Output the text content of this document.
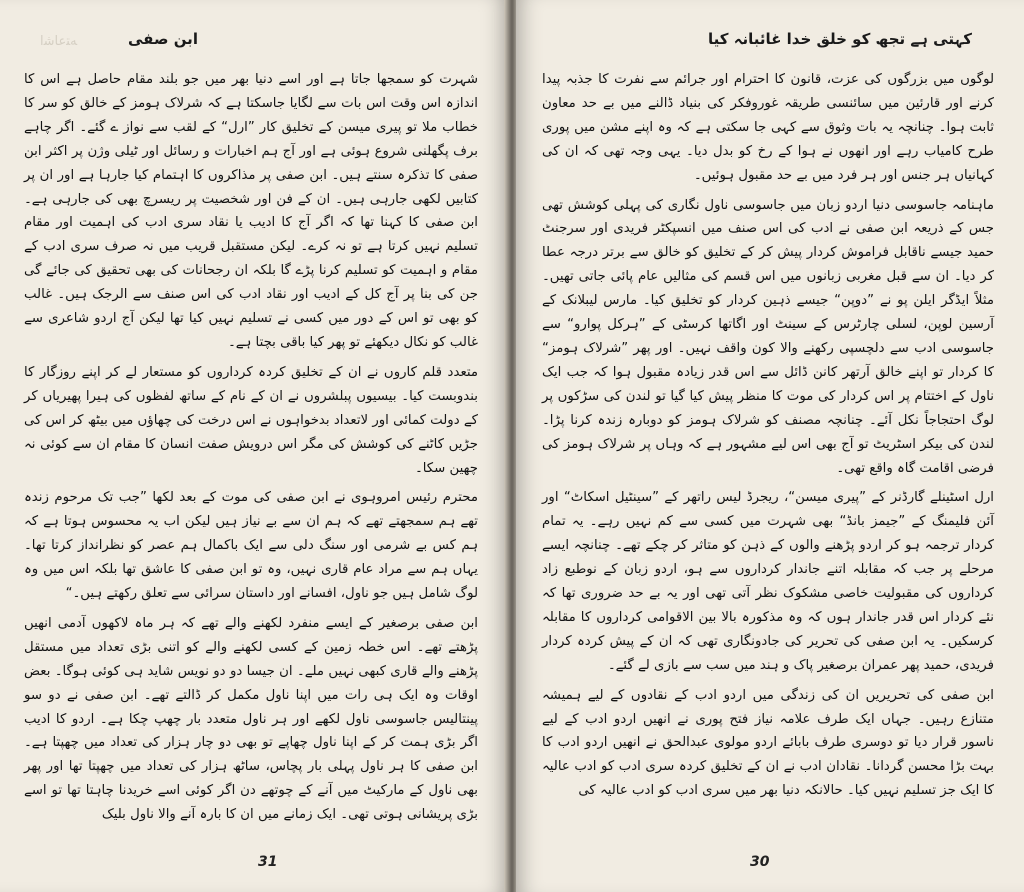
ﻪﺘﻋﺎﺷﺍ	ابن صفی

شہرت کو سمجھا جاتا ہے اور اسے دنیا بھر میں جو بلند مقام حاصل ہے اس کا اندازہ اس وقت اس بات سے لگایا جاسکتا ہے کہ شرلاک ہومز کے خالق کو سر کا خطاب ملا تو پیری میسن کے تخلیق کار ”ارل“ کے لقب سے نواز ے گئے۔ اگر چاہے برف پگھلنی شروع ہوئی ہے اور آج ہم اخبارات و رسائل اور ٹیلی وژن پر اکثر ابن صفی کا تذکرہ سنتے ہیں۔ ابن صفی پر مذاکروں کا اہتمام کیا جارہا ہے اور ان پر کتابیں لکھی جارہی ہیں۔ ان کے فن اور شخصیت پر ریسرچ بھی کی جارہی ہے۔ ابن صفی کا کہنا تھا کہ اگر آج کا ادیب یا نقاد سری ادب کی اہمیت اور مقام تسلیم نہیں کرتا ہے تو نہ کرے۔ لیکن مستقبل قریب میں نہ صرف سری ادب کے مقام و اہمیت کو تسلیم کرنا پڑے گا بلکہ ان رجحانات کی بھی تحقیق کی جائے گی جن کی بنا پر آج کل کے ادیب اور نقاد ادب کی اس صنف سے الرجک ہیں۔ غالب کو بھی تو اس کے دور میں کسی نے تسلیم نہیں کیا تھا لیکن آج اردو شاعری سے غالب کو نکال دیکھئے تو پھر کیا باقی بچتا ہے۔

متعدد قلم کاروں نے ان کے تخلیق کردہ کرداروں کو مستعار لے کر اپنے روزگار کا بندوبست کیا۔ بیسیوں پبلشروں نے ان کے نام کے ساتھ لفظوں کی ہیرا پھیریاں کر کے دولت کمائی اور لاتعداد بدخواہوں نے اس درخت کی چھاؤں میں بیٹھ کر اس کی جڑیں کاٹنے کی کوشش کی مگر اس درویش صفت انسان کا مقام ان سے کوئی نہ چھین سکا۔

محترم رئیس امروہوی نے ابن صفی کی موت کے بعد لکھا ”جب تک مرحوم زندہ تھے ہم سمجھتے تھے کہ ہم ان سے بے نیاز ہیں لیکن اب یہ محسوس ہوتا ہے کہ ہم کس بے شرمی اور سنگ دلی سے ایک باکمال ہم عصر کو نظرانداز کرتا تھا۔ یہاں ہم سے مراد عام قاری نہیں، وہ تو ابن صفی کا عاشق تھا بلکہ اس میں وہ لوگ شامل ہیں جو ناول، افسانے اور داستان سرائی سے تعلق رکھتے ہیں۔“

ابن صفی برصغیر کے ایسے منفرد لکھنے والے تھے کہ ہر ماہ لاکھوں آدمی انھیں پڑھتے تھے۔ اس خطہ زمین کے کسی لکھنے والے کو اتنی بڑی تعداد میں مستقل پڑھنے والے قاری کبھی نہیں ملے۔ ان جیسا دو دو نویس شاید ہی کوئی ہوگا۔ بعض اوقات وہ ایک ہی رات میں اپنا ناول مکمل کر ڈالتے تھے۔ ابن صفی نے دو سو پینتالیس جاسوسی ناول لکھے اور ہر ناول متعدد بار چھپ چکا ہے۔ اردو کا ادیب اگر بڑی ہمت کر کے اپنا ناول چھاپے تو بھی دو چار ہزار کی تعداد میں چھپتا ہے۔ ابن صفی کا ہر ناول پہلی بار پچاس، ساٹھ ہزار کی تعداد میں چھپتا تھا اور پھر بھی ناول کے مارکیٹ میں آنے کے چوتھے دن اگر کوئی اسے خریدنا چاہتا تھا تو اسے بڑی پریشانی ہوتی تھی۔ ایک زمانے میں ان کا بارہ آنے والا ناول بلیک

31
کہتی ہے تجھ کو خلق خدا غائبانہ کیا

لوگوں میں بزرگوں کی عزت، قانون کا احترام اور جرائم سے نفرت کا جذبہ پیدا کرنے اور قارئین میں سائنسی طریقہ غوروفکر کی بنیاد ڈالنے میں بے حد معاون ثابت ہوا۔ چنانچہ یہ بات وثوق سے کہی جا سکتی ہے کہ وہ اپنے مشن میں پوری طرح کامیاب رہے اور انھوں نے ہوا کے رخ کو بدل دیا۔ یہی وجہ تھی کہ ان کی کہانیاں ہر جنس اور ہر فرد میں بے حد مقبول ہوئیں۔

ماہنامہ جاسوسی دنیا اردو زبان میں جاسوسی ناول نگاری کی پہلی کوشش تھی جس کے ذریعہ ابن صفی نے ادب کی اس صنف میں انسپکٹر فریدی اور سرجنٹ حمید جیسے ناقابل فراموش کردار پیش کر کے تخلیق کو خالق سے برتر درجہ عطا کر دیا۔ ان سے قبل مغربی زبانوں میں اس قسم کی مثالیں عام پائی جاتی تھیں۔ مثلاً ایڈگر ایلن پو نے ”دوپن“ جیسے ذہین کردار کو تخلیق کیا۔ مارس لیبلانک کے آرسین لوپن، لسلی چارٹرس کے سینٹ اور اگاتھا کرسٹی کے ”ہرکل پوارو“ سے جاسوسی ادب سے دلچسپی رکھنے والا کون واقف نہیں۔ اور پھر ”شرلاک ہومز“ کا کردار تو اپنے خالق آرتھر کانن ڈائل سے اس قدر زیادہ مقبول ہوا کہ جب ایک ناول کے اختتام پر اس کردار کی موت کا منظر پیش کیا گیا تو لندن کی سڑکوں پر لوگ احتجاجاً نکل آئے۔ چنانچہ مصنف کو شرلاک ہومز کو دوبارہ زندہ کرنا پڑا۔ لندن کی بیکر اسٹریٹ تو آج بھی اس لیے مشہور ہے کہ وہاں پر شرلاک ہومز کی فرضی اقامت گاہ واقع تھی۔

ارل اسٹینلے گارڈنر کے ”پیری میسن“، ریجرڈ لیس راتھر کے ”سینٹیل اسکاٹ“ اور آئن فلیمنگ کے ”جیمز بانڈ“ بھی شہرت میں کسی سے کم نہیں رہے۔ یہ تمام کردار ترجمہ ہو کر اردو پڑھنے والوں کے ذہن کو متاثر کر چکے تھے۔ چنانچہ ایسے مرحلے پر جب کہ مقابلہ اتنے جاندار کرداروں سے ہو، اردو زبان کے نوطبع زاد کرداروں کی مقبولیت خاصی مشکوک نظر آتی تھی اور یہ بے حد ضروری تھا کہ نئے کردار اس قدر جاندار ہوں کہ وہ مذکورہ بالا بین الاقوامی کرداروں کا مقابلہ کرسکیں۔ یہ ابن صفی کی تحریر کی جادونگاری تھی کہ ان کے پیش کردہ کردار فریدی، حمید پھر عمران برصغیر پاک و ہند میں سب سے بازی لے گئے۔

ابن صفی کی تحریریں ان کی زندگی میں اردو ادب کے نقادوں کے لیے ہمیشہ متنازع رہیں۔ جہاں ایک طرف علامہ نیاز فتح پوری نے انھیں اردو ادب کے لیے ناسور قرار دیا تو دوسری طرف بابائے اردو مولوی عبدالحق نے انھیں اردو ادب کا بہت بڑا محسن گردانا۔ نقادان ادب نے ان کے تخلیق کردہ سری ادب کو ادب عالیہ کا ایک جز تسلیم نہیں کیا۔ حالانکہ دنیا بھر میں سری ادب کو ادب عالیہ کی

30
